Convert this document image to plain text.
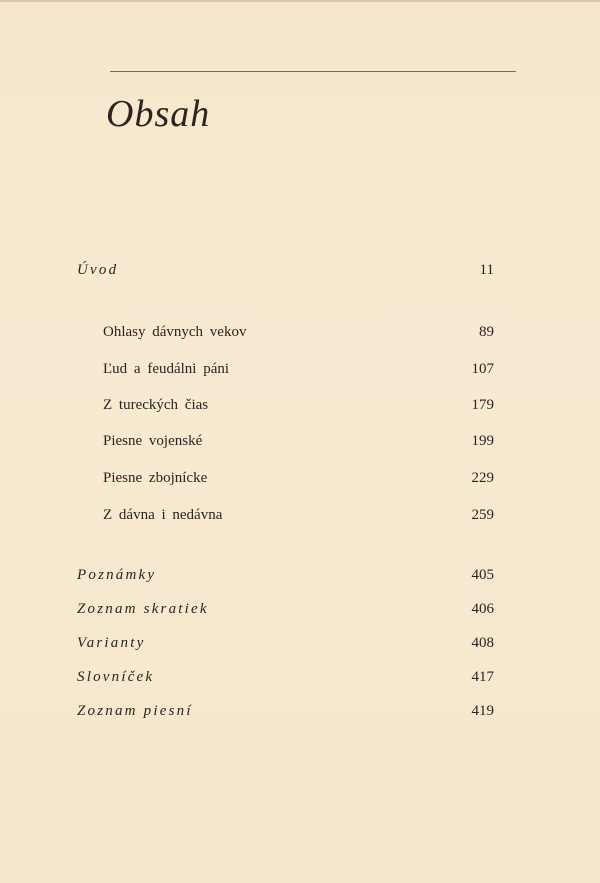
Obsah
Úvod	11
Ohlasy dávnych vekov	89
Ľud a feudálni páni	107
Z tureckých čias	179
Piesne vojenské	199
Piesne zbojnícke	229
Z dávna i nedávna	259
Poznámky	405
Zoznam skratiek	406
Varianty	408
Slovníček	417
Zoznam piesní	419
